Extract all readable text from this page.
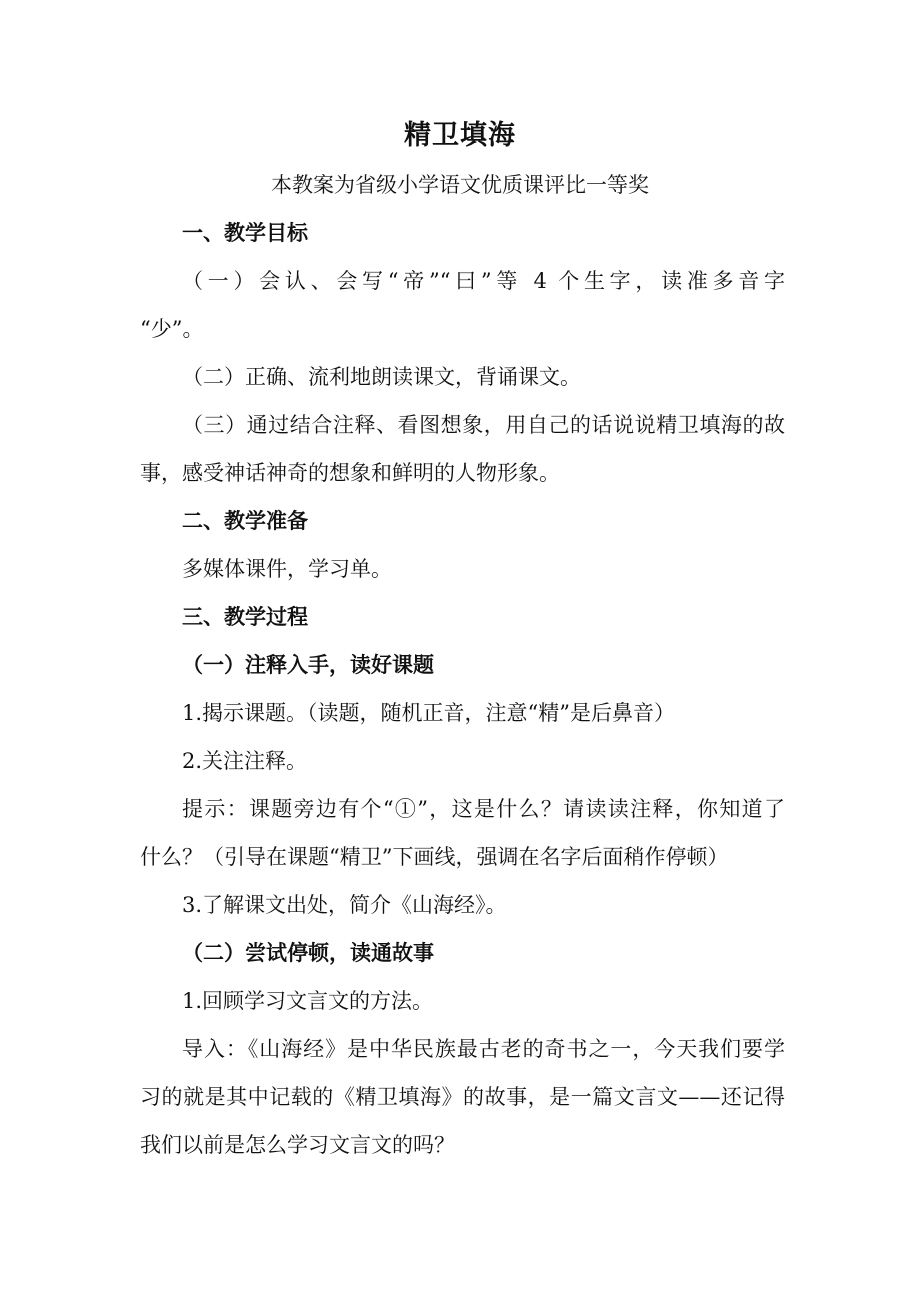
精卫填海
本教案为省级小学语文优质课评比一等奖
一、教学目标
（一）会认、会写“帝”“曰”等 4 个生字，读准多音字
“少”。
（二）正确、流利地朗读课文，背诵课文。
（三）通过结合注释、看图想象，用自己的话说说精卫填海的故
事，感受神话神奇的想象和鲜明的人物形象。
二、教学准备
多媒体课件，学习单。
三、教学过程
（一）注释入手，读好课题
1.揭示课题。（读题，随机正音，注意“精”是后鼻音）
2.关注注释。
提示：课题旁边有个“①”，这是什么？请读读注释，你知道了
什么？（引导在课题“精卫”下画线，强调在名字后面稍作停顿）
3.了解课文出处，简介《山海经》。
（二）尝试停顿，读通故事
1.回顾学习文言文的方法。
导入：《山海经》是中华民族最古老的奇书之一，今天我们要学
习的就是其中记载的《精卫填海》的故事，是一篇文言文——还记得
我们以前是怎么学习文言文的吗？
